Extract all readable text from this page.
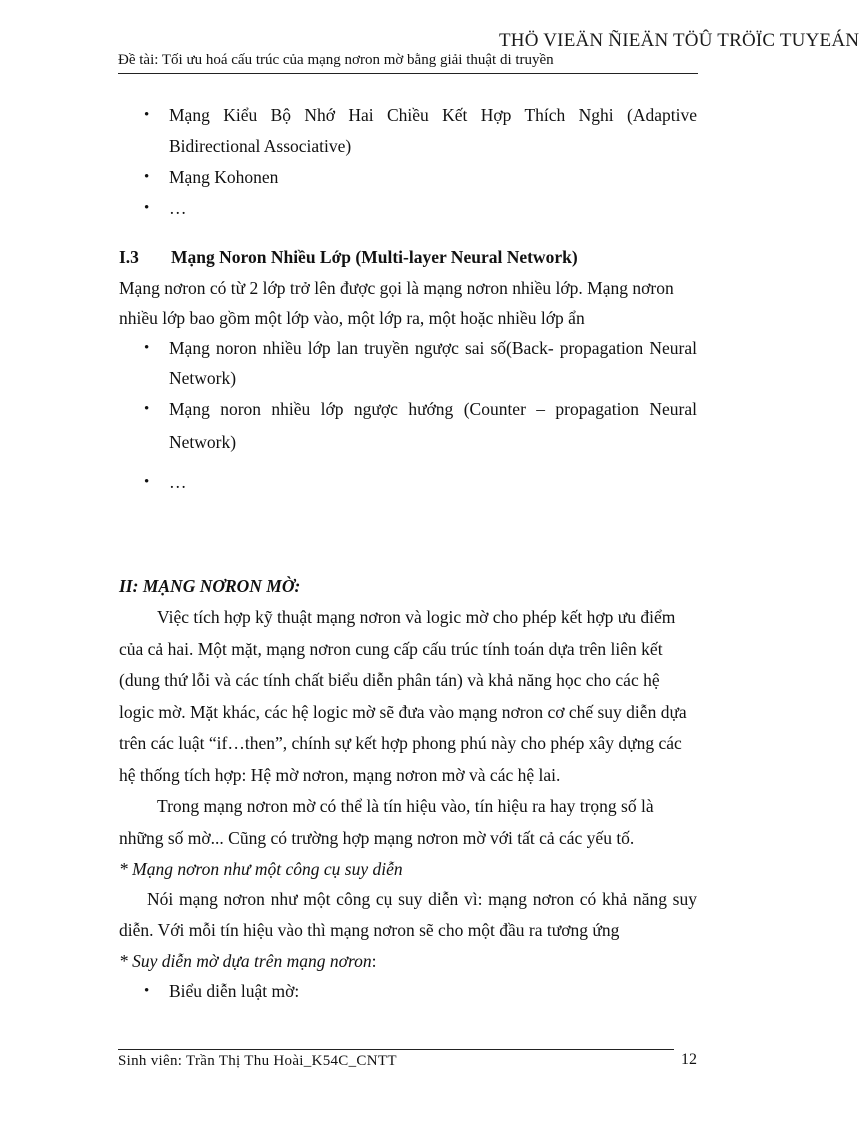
THÖ VIEÄN ÑIEÄN TÖÛ TRÖÏC TUYEÁN
Đề tài: Tối ưu hoá cấu trúc của mạng nơron mờ bằng giải thuật di truyền
• Mạng Kiểu Bộ Nhớ Hai Chiều Kết Hợp Thích Nghi (Adaptive Bidirectional Associative)
• Mạng Kohonen
• …
I.3 Mạng Noron Nhiều Lớp (Multi-layer Neural Network)

Mạng nơron có từ 2 lớp trở lên được gọi là mạng nơron nhiều lớp. Mạng nơron nhiều lớp bao gồm một lớp vào, một lớp ra, một hoặc nhiều lớp ẩn

• Mạng noron nhiều lớp lan truyền ngược sai số(Back- propagation Neural Network)
• Mạng noron nhiều lớp ngược hướng (Counter – propagation Neural Network)
• …
II: MẠNG NƠRON MỜ:

Việc tích hợp kỹ thuật mạng nơron và logic mờ cho phép kết hợp ưu điểm của cả hai. Một mặt, mạng nơron cung cấp cấu trúc tính toán dựa trên liên kết (dung thứ lỗi và các tính chất biểu diễn phân tán) và khả năng học cho các hệ logic mờ. Mặt khác, các hệ logic mờ sẽ đưa vào mạng nơron cơ chế suy diễn dựa trên các luật “if…then”, chính sự kết hợp phong phú này cho phép xây dựng các hệ thống tích hợp: Hệ mờ nơron, mạng nơron mờ và các hệ lai.

Trong mạng nơron mờ có thể là tín hiệu vào, tín hiệu ra hay trọng số là những số mờ... Cũng có trường hợp mạng nơron mờ với tất cả các yếu tố.

* Mạng nơron như một công cụ suy diễn

Nói mạng nơron như một công cụ suy diễn vì: mạng nơron có khả năng suy diễn. Với mỗi tín hiệu vào thì mạng nơron sẽ cho một đầu ra tương ứng

* Suy diễn mờ dựa trên mạng nơron:

• Biểu diễn luật mờ:
Sinh viên: Trần Thị Thu Hoài_K54C_CNTT	12
